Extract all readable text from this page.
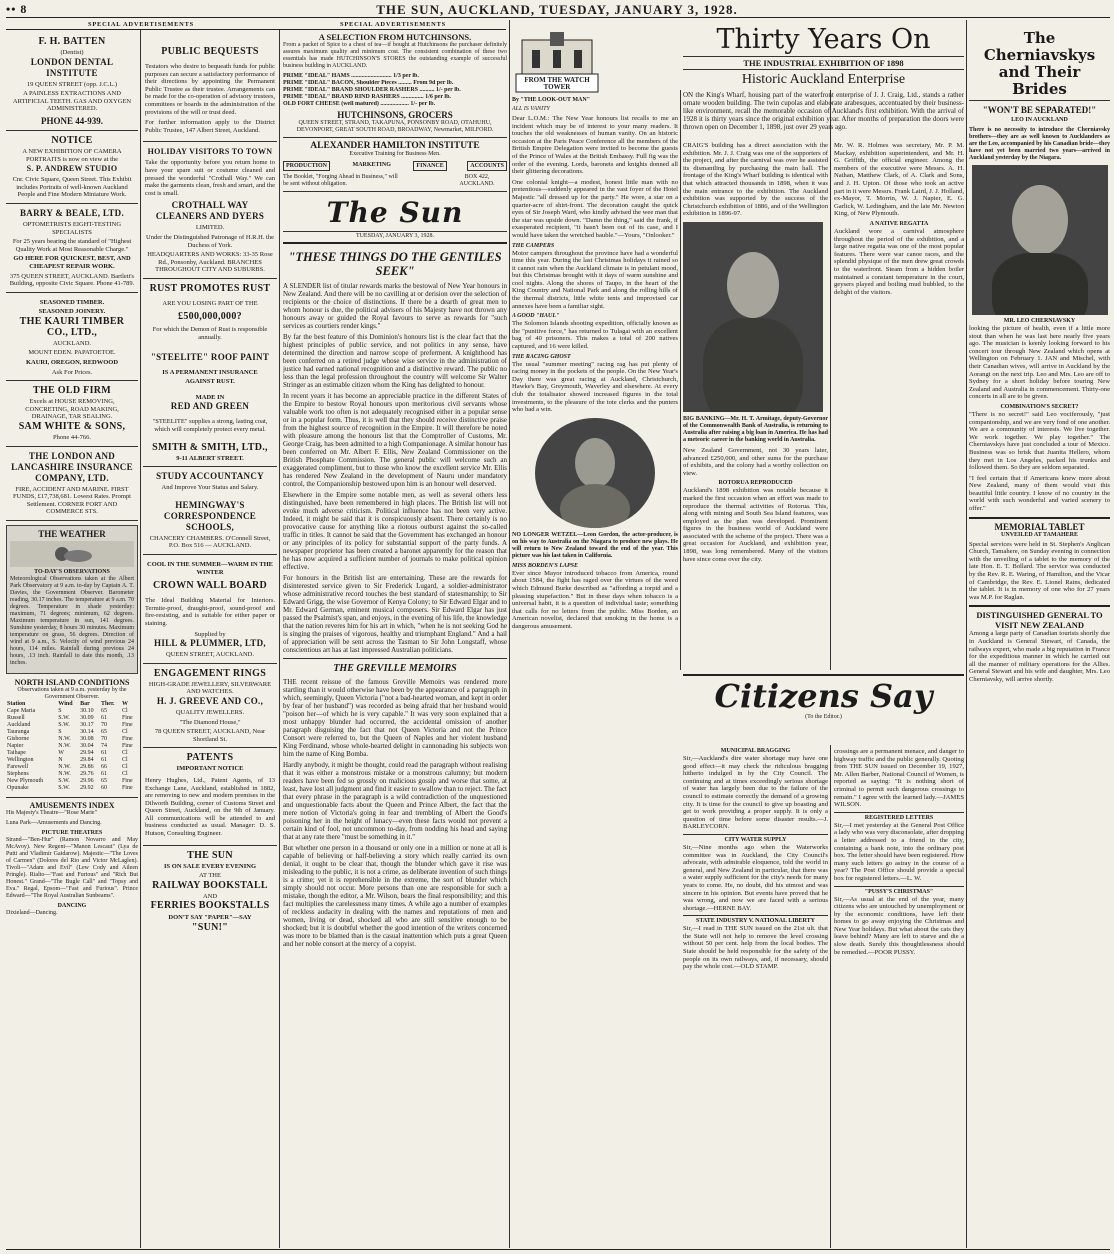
•• 8	THE SUN, AUCKLAND, TUESDAY, JANUARY 3, 1928.
SPECIAL ADVERTISEMENTS	SPECIAL ADVERTISEMENTS
F. H. BATTEN
(Dentist)
LONDON DENTAL INSTITUTE
19 QUEEN STREET (opp. J.C.L.)
A PAINLESS EXTRACTIONS AND ARTIFICIAL TEETH. GAS AND OXYGEN ADMINISTERED.
PHONE 44-939.
NOTICE
A NEW EXHIBITION OF CAMERA PORTRAITS is now on view at the
S. P. ANDREW STUDIO
Cnr. Civic Square, Queen Street. This Exhibit includes Portraits of well-known Auckland People and Fine Modern Miniature Work.
BARRY & BEALE, LTD.
OPTOMETRISTS EIGHT-TESTING SPECIALISTS
For 25 years bearing the standard of "Highest Quality Work at Most Reasonable Charge."
GO HERE FOR QUICKEST, BEST, AND CHEAPEST REPAIR WORK.
375 QUEEN STREET, AUCKLAND. Bartlett's Building, opposite Civic Square. Phone 41-789.
SEASONED TIMBER.
SEASONED JOINERY.
THE KAURI TIMBER CO., LTD.,
AUCKLAND.
MOUNT EDEN. PAPATOETOE.
KAURI, OREGON, REDWOOD
Ask For Prices.
THE OLD FIRM
Excels at HOUSE REMOVING, CONCRETING, ROAD MAKING, DRAINAGE, TAR SEALING.
SAM WHITE & SONS,
Phone 44-766.
THE LONDON AND LANCASHIRE INSURANCE COMPANY, LTD.
FIRE, ACCIDENT AND MARINE. FIRST FUNDS, £17,738,681. Lowest Rates. Prompt Settlement. CORNER FORT AND COMMERCE STS.
THE WEATHER
TO-DAY'S OBSERVATIONS

Meteorological Observations taken at the Albert Park Observatory at 9 a.m. to-day by Captain A. T. Davies, the Government Observer. Barometer reading, 30.17 inches. The temperature at 9 a.m. 70 degrees. Temperature in shade yesterday: maximum, 71 degrees; minimum, 62 degrees. Maximum temperature in sun, 141 degrees. Sunshine yesterday, 8 hours 30 minutes. Maximum temperature on grass, 56 degrees. Direction of wind at 9 a.m., S. Velocity of wind previous 24 hours, 114 miles. Rainfall during previous 24 hours, .13 inch. Rainfall to date this month, .13 inches.

NORTH ISLAND CONDITIONS
Observations taken at 9 a.m. yesterday by the Government Observer.
Station	Wind	Bar	Ther.	W
Cape Maria	S	30.10	65	Cl
Russell	S.W.	30.09	61	Fine
Auckland	S.W.	30.17	70	Fine
Tauranga	S	30.14	65	Cl
Gisborne	N.W.	30.08	70	Fine
Napier	N.W.	30.04	74	Fine
Taihape	W	29.94	61	Cl
Wellington	N	29.84	61	Cl
Farewell	N.W.	29.86	66	Cl
Stephens	N.W.	29.76	61	Cl
New Plymouth	S.W.	29.96	65	Fine
Opunake	S.W.	29.92	60	Fine
AMUSEMENTS INDEX

His Majesty's Theatre—"Rose Marie"

Luna Park—Amusements and Dancing.

PICTURE THEATRES

Strand—"Ben-Hur" (Ramon Novarro and May McAvoy). New Regent—"Manon Lescaut" (Lya de Putti and Vladimir Gaidarow). Majestic—"The Loves of Carmen" (Dolores del Rio and Victor McLaglen). Tivoli—"Adam and Evil" (Lew Cody and Aileen Pringle). Rialto—"Fast and Furious" and "Rich But Honest." Grand—"The Bugle Call" and "Topsy and Eva." Regal, Epsom—"Fast and Furious". Prince Edward—"The Royal Australian Sunbeams".

DANCING

Dixieland—Dancing.

PUBLIC BEQUESTS

Testators who desire to bequeath funds for public purposes can secure a satisfactory performance of their directions by appointing the Permanent Public Trustee as their trustee. Arrangements can be made for the co-operation of advisory trustees, committees or boards in the administration of the provisions of the will or trust deed.

For further information apply to the District Public Trustee, 147 Albert Street, Auckland.

HOLIDAY VISITORS TO TOWN

Take the opportunity before you return home to have your spare suit or costume cleaned and pressed the wonderful "Crothall Way." We can make the garments clean, fresh and smart, and the cost is small.

CROTHALL WAY CLEANERS AND DYERS
LIMITED.
Under the Distinguished Patronage of H.R.H. the Duchess of York.
HEADQUARTERS AND WORKS: 33-35 Rose Rd., Ponsonby, Auckland. BRANCHES THROUGHOUT CITY AND SUBURBS.
RUST PROMOTES RUST
ARE YOU LOSING PART OF THE
£500,000,000?
For which the Demon of Rust is responsible annually.
"STEELITE" ROOF PAINT
IS A PERMANENT INSURANCE
AGAINST RUST.
MADE IN
RED AND GREEN
"STEELITE" supplies a strong, lasting coat, which will completely protect every metal.
SMITH & SMITH, LTD.,
9-11 ALBERT STREET.
STUDY ACCOUNTANCY
And Improve Your Status and Salary.
HEMINGWAY'S CORRESPONDENCE SCHOOLS,
CHANCERY CHAMBERS. O'Connell Street, P.O. Box 516 — AUCKLAND.
COOL IN THE SUMMER—WARM IN THE WINTER
CROWN WALL BOARD

The Ideal Building Material for Interiors. Termite-proof, draught-proof, sound-proof and fire-resisting, and is suitable for either paper or staining.

Supplied by
HILL & PLUMMER, LTD,
QUEEN STREET, AUCKLAND.
ENGAGEMENT RINGS
HIGH-GRADE JEWELLERY, SILVERWARE AND WATCHES.
H. J. GREEVE AND CO.,
QUALITY JEWELLERS.
"The Diamond House,"
78 QUEEN STREET, AUCKLAND, Near Shortland St.
PATENTS
IMPORTANT NOTICE

Henry Hughes, Ltd., Patent Agents, of 13 Exchange Lane, Auckland, established in 1882, are removing to new and modern premises in the Dilworth Building, corner of Customs Street and Queen Street, Auckland, on the 9th of January. All communications will be attended to and business conducted as usual. Manager: D. S. Hutson, Consulting Engineer.

THE SUN
IS ON SALE EVERY EVENING
AT THE
RAILWAY BOOKSTALL
AND
FERRIES BOOKSTALLS
DON'T SAY "PAPER"—SAY
"SUN!"
A SELECTION FROM HUTCHINSONS.

From a packet of Spice to a chest of tea—if bought at Hutchinsons the purchaser definitely assures maximum quality and minimum cost. The consistent combination of these two essentials has made HUTCHINSON'S STORES the outstanding example of successful business building in AUCKLAND.

PRIME "IDEAL" HAMS ........................... 1/3 per lb.
PRIME "IDEAL" BACON, Shoulder Pieces ......... From 9d per lb.
PRIME "IDEAL" BRAND SHOULDER RASHERS .......... 1/- per lb.
PRIME "IDEAL" BRAND RIND RASHERS ............... 1/6 per lb.
OLD FORT CHEESE (well matured) ................... 1/- per lb.
HUTCHINSONS, GROCERS
QUEEN STREET, STRAND, TAKAPUNA, PONSONBY ROAD, OTAHUHU, DEVONPORT, GREAT SOUTH ROAD, BROADWAY, Newmarket, MILFORD.
ALEXANDER HAMILTON INSTITUTE
Executive Training for Business Men.
PRODUCTION	MARKETING	FINANCE	ACCOUNTS
The Booklet, "Forging Ahead in Business," will be sent without obligation.
BOX 422, AUCKLAND.
The Sun
TUESDAY, JANUARY 3, 1928.
"THESE THINGS DO THE GENTILES SEEK"

A SLENDER list of titular rewards marks the bestowal of New Year honours in New Zealand. And there will be no cavilling at or derision over the selection of recipients or the choice of distinctions. If there be a dearth of great men to whom honour is due, the political advisers of his Majesty have not thrown any honours away or guided the Royal favours to serve as rewards for "such services as courtiers render kings."

By far the best feature of this Dominion's honours list is the clear fact that the highest principles of public service, and not politics in any sense, have determined the direction and narrow scope of preferment. A knighthood has been conferred on a retired judge whose wise service in the administration of justice had earned national recognition and a distinctive reward. The public no less than the legal profession throughout the country will welcome Sir Walter Stringer as an estimable citizen whom the King has delighted to honour.

In recent years it has become an appreciable practice in the different States of the Empire to bestow Royal honours upon meritorious civil servants whose valuable work too often is not adequately recognised either in a popular sense or in a popular form. Thus, it is well that they should receive distinctive praise from the highest source of recognition in the Empire. It will therefore be noted with pleasure among the honours list that the Comptroller of Customs, Mr. George Craig, has been admitted to a high Companionage. A similar honour has been conferred on Mr. Albert F. Ellis, New Zealand Commissioner on the British Phosphate Commission. The general public will welcome such an exaggerated compliment, but to those who know the excellent service Mr. Ellis has rendered New Zealand in the development of Nauru under mandatory control, the Companionship bestowed upon him is an honour well deserved.

Elsewhere in the Empire some notable men, as well as several others less distinguished, have been remembered in high places. The British list will not evoke much adverse criticism. Political influence has not been very active. Indeed, it might be said that it is conspicuously absent. There certainly is no provocative cause for anything like a riotous outburst against the so-called traffic in titles. It cannot be said that the Government has exchanged an honour or any principles of its policy for substantial support of the party funds. A newspaper proprietor has been created a baronet apparently for the reason that he has now acquired a sufficient number of journals to make political opinion effective.

For honours in the British list are entertaining. These are the rewards for disinterested service given to Sir Frederick Lugard, a soldier-administrator whose administrative record touches the best standard of statesmanship; to Sir Edward Grigg, the wise Governor of Kenya Colony; to Sir Edward Elgar and to Mr. Edward German, eminent musical composers. Sir Edward Elgar has just passed the Psalmist's span, and enjoys, in the evening of his life, the knowledge that the nation reveres him for his art in which, "when he is not seeking God he is singing the praises of vigorous, healthy and triumphant England." And a hail of appreciation will be sent across the Tasman to Sir John Longstaff, whose conscientious art has at last impressed Australian politicians.

THE GREVILLE MEMOIRS

THE recent reissue of the famous Greville Memoirs was rendered more startling than it would otherwise have been by the appearance of a paragraph in which, seemingly, Queen Victoria ("not a bad-hearted woman, and kept in order by fear of her husband") was recorded as being afraid that her husband would "poison her—of which he is very capable." It was very soon explained that a most unhappy blunder had occurred, the accidental omission of another paragraph disguising the fact that not Queen Victoria and not the Prince Consort were referred to, but the Queen of Naples and her violent husband King Ferdinand, whose whole-hearted delight in cannonading his subjects won him the name of King Bomba.

Hardly anybody, it might be thought, could read the paragraph without realising that it was either a monstrous mistake or a monstrous calumny; but modern readers have been fed so grossly on malicious gossip and worse that some, at least, have lost all judgment and find it easier to swallow than to reject. The fact that every phrase in the paragraph is a wild contradiction of the unquestioned and unquestionable facts about the Queen and Prince Albert, the fact that the mere notion of Victoria's going in fear and trembling of Albert the Good's poisoning her in the height of lunacy—even these facts would not prevent a certain kind of fool, not uncommon to-day, from nodding his head and saying that at any rate there "must be something in it."

But whether one person in a thousand or only one in a million or none at all is capable of believing or half-believing a story which really carried its own denial, it ought to be clear that, though the blunder which gave it rise was misleading to the public, it is not a crime, as deliberate invention of such things is a crime; yet it is reprehensible in the extreme, the sort of blunder which simply should not occur. More persons than one are responsible for such a mistake, though the editor, a Mr. Wilson, bears the final responsibility; and this fact multiplies the carelessness many times. A while ago a number of examples of reckless audacity in dealing with the names and reputations of men and women, living or dead, shocked all who are still sensitive enough to be shocked; but it is doubtful whether the good intention of the writers concerned was more to be blamed than is the casual inattention which puts a great Queen and her noble consort at the mercy of a copyist.

FROM THE WATCH TOWER
By "THE LOOK-OUT MAN"
ALL IS VANITY

Dear L.O.M.: The New Year honours list recalls to me an incident which may be of interest to your many readers. It touches the old weaknesses of human vanity. On an historic occasion at the Paris Peace Conference all the members of the British Empire Delegation were invited to become the guests of the Prince of Wales at the British Embassy. Full fig was the order of the evening. Lords, baronets and knights donned all their glittering decorations.

One colonial knight—a modest, honest little man with no pretentious—suddenly appeared in the vast foyer of the Hotel Majestic "all dressed up for the party." He wore, a star on a quarter-acre of shirt-front. The decoration caught the quick eyes of Sir Joseph Ward, who kindly advised the wee man that the star was upside down. "Damn the thing," said the frank, if exasperated recipient, "it hasn't been out of its case, and I would have taken the wretched bauble."—Yours, "Onlooker."

THE CAMPERS

Motor campers throughout the province have had a wonderful time this year. During the last Christmas holidays it rained so it cannot rain when the Auckland climate is in petulant mood, but this Christmas brought with it days of warm sunshine and cool nights. Along the shores of Taupo, in the heart of the King Country and National Park and along the rolling hills of the thermal districts, little white tents and improvised car annexes have been a familiar sight.

A GOOD "HAUL"

The Solomon Islands shooting expedition, officially known as the "punitive force," has returned to Tulagai with an excellent bag of 40 prisoners. This makes a total of 200 natives captured, and 16 were killed.

THE RACING GHOST

The usual "summer meeting" racing rag has put plenty of racing money in the pockets of the people. On the New Year's Day there was great racing at Auckland, Christchurch, Hawke's Bay, Greymouth, Waverley and elsewhere. At every club the totalisator showed increased figures in the total investments, to the pleasure of the tote clerks and the punters who had a win.

NO LONGER WETZEL—Leon Gordon, the actor-producer, is on his way to Australia on the Niagara to produce new plays. He will return to New Zealand toward the end of the year. This picture was his last taken in California.

MISS BORDEN'S LAPSE

Ever since Mayor introduced tobacco from America, round about 1584, the fight has raged over the virtues of the weed which Edmund Burke described as "affording a torpid and a pleasing stupefaction." But in these days when tobacco is a universal habit, it is a question of individual taste; something that calls for no letters from the public. Miss Borden, an American novelist, declared that smoking in the home is a dangerous amusement.

Thirty Years On
THE INDUSTRIAL EXHIBITION OF 1898
Historic Auckland Enterprise

ON the King's Wharf, housing part of the waterfront enterprise of J. J. Craig, Ltd., stands a rather ornate wooden building. The twin cupolas and elaborate arabesques, accentuated by their business-like environment, recall the memorable occasion of Auckland's first exhibition. With the arrival of 1928 it is thirty years since the original exhibition year. After months of preparation the doors were thrown open on December 1, 1898, just over 29 years ago.

CRAIG'S building has a direct association with the exhibition. Mr. J. J. Craig was one of the supporters of the project, and after the carnival was over he assisted its dismantling by purchasing the main hall. The frontage of the King's Wharf building is identical with that which attracted thousands in 1898, when it was the main entrance to the exhibition. The Auckland exhibition was supported by the success of the Christchurch exhibition of 1886, and of the Wellington exhibition in 1896-97.

BIG BANKING—Mr. H. T. Armitage, deputy-Governor of the Commonwealth Bank of Australia, is returning to Australia after raising a big loan in America. He has had a meteoric career in the banking world in Australia.

New Zealand Government, not 30 years later, advanced £250,000, and other sums for the purchase of exhibits, and the colony had a worthy collection on view.

ROTORUA REPRODUCED

Auckland's 1898 exhibition was notable because it marked the first occasion when an effort was made to reproduce the thermal activities of Rotorua. This, along with mining and South Sea Island features, was employed as the plan was developed. Prominent figures in the business world of Auckland were associated with the scheme of the project. There was a great occasion for Auckland, and exhibition year, 1898, was long remembered. Many of the visitors have since come over the city.

Mr. W. R. Holmes was secretary, Mr. P. M. Mackay, exhibition superintendent, and Mr. H. G. Griffith, the official engineer. Among the members of the executive were Messrs. A. H. Nathan, Matthew Clark, of A. Clark and Sons, and J. H. Upton. Of those who took an active part in it were Messrs. Frank Laird, J. J. Holland, ex-Mayor, T. Morrin, W. J. Napier, E. G. Garlick, W. Ledingham, and the late Mr. Newton King, of New Plymouth.

A NATIVE REGATTA

Auckland wore a carnival atmosphere throughout the period of the exhibition, and a large native regatta was one of the most popular features. There were war canoe races, and the splendid physique of the men drew great crowds to the waterfront. Steam from a hidden boiler maintained a constant temperature in the court, geysers played and boiling mud bubbled, to the delight of the visitors.

Citizens Say
(To the Editor.)
MUNICIPAL BRAGGING

Sir,—Auckland's dire water shortage may have one good effect—it may check the ridiculous bragging hitherto indulged in by the City Council. The continuing and at times exceedingly serious shortage of water has largely been due to the failure of the council to estimate correctly the demand of a growing city. It is time for the council to give up boasting and get to work providing a proper supply. It is only a question of time before some disaster results.—J. BARLEYCORN.

CITY WATER SUPPLY

Sir,—Nine months ago when the Waterworks committee was in Auckland, the City Council's advocate, with admirable eloquence, told the world in general, and New Zealand in particular, that there was a water supply sufficient for the city's needs for many years to come. He, no doubt, did his utmost and was sincere in his opinion. But events have proved that he was wrong, and now we are faced with a serious shortage.—HERNE BAY.

STATE INDUSTRY V. NATIONAL LIBERTY

Sir,—I read in THE SUN issued on the 21st ult. that the State will not help to remove the level crossing without 50 per cent. help from the local bodies. The State should be held responsible for the safety of the people on its own railways, and, if necessary, should pay the whole cost.—OLD STAMP.

crossings are a permanent menace, and danger to highway traffic and the public generally. Quoting from THE SUN issued on December 19, 1927, Mr. Allen Barber, National Council of Women, is reported as saying: "It is nothing short of criminal to permit such dangerous crossings to remain." I agree with the learned lady.—JAMES WILSON.

REGISTERED LETTERS

Sir,—I met yesterday at the General Post Office a lady who was very disconsolate, after dropping a letter addressed to a friend in the city, containing a bank note, into the ordinary post box. The letter should have been registered. How many such letters go astray in the course of a year? The Post Office should provide a special box for registered letters.—L. W.

"PUSSY'S CHRISTMAS"

Sir,—As usual at the end of the year, many citizens who are untouched by unemployment or by the economic conditions, have left their homes to go away enjoying the Christmas and New Year holidays. But what about the cats they leave behind? Many are left to starve and die a slow death. Surely this thoughtlessness should be remedied.—POOR PUSSY.

The Cherniavskys and Their Brides
"WON'T BE SEPARATED!"
LEO IN AUCKLAND

There is no necessity to introduce the Cherniavsky brothers—they are as well known to Aucklanders as are the Leo, accompanied by his Canadian bride—they have not yet been married two years—arrived in Auckland yesterday by the Niagara.

MR. LEO CHERNIAVSKY

looking the picture of health, even if a little more stout than when he was last here nearly five years ago. The musician is keenly looking forward to his concert tour through New Zealand which opens at Wellington on February 1. JAN and Mischel, with their Canadian wives, will arrive in Auckland by the Aorangi on the next trip. Leo and Mrs. Leo are off to Sydney for a short holiday before touring New Zealand and Australia in commencement. Thirty-one concerts in all are to be given.

COMBINATION'S SECRET?

"There is no secret!" said Leo vociferously, "just companionship, and we are very fond of one another. We are a community of interests. We live together. We work together. We play together." The Cherniavskys have just concluded a tour of Mexico. Business was so brisk that Juanita Hellero, whom they met in Los Angeles, packed his trunks and followed them. So they are seldom separated.

"I feel certain that if Americans knew more about New Zealand, many of them would visit this beautiful little country. I know of no country in the world with such wonderful and varied scenery to offer."

MEMORIAL TABLET
UNVEILED AT TAMAHERE

Special services were held in St. Stephen's Anglican Church, Tamahere, on Sunday evening in connection with the unveiling of a tablet to the memory of the late Hon. E. T. Bollard. The service was conducted by the Rev. R. E. Waring, of Hamilton, and the Vicar of Cambridge, the Rev. E. Lionel Rains, dedicated the tablet. It is in memory of one who for 27 years was M.P. for Raglan.

DISTINGUISHED GENERAL TO VISIT NEW ZEALAND

Among a large party of Canadian tourists shortly due in Auckland is General Stewart, of Canada, the railways expert, who made a big reputation in France for the expeditious manner in which he carried out all the manner of military operations for the Allies. General Stewart and his wife and daughter, Mrs. Leo Cherniavsky, will arrive shortly.
